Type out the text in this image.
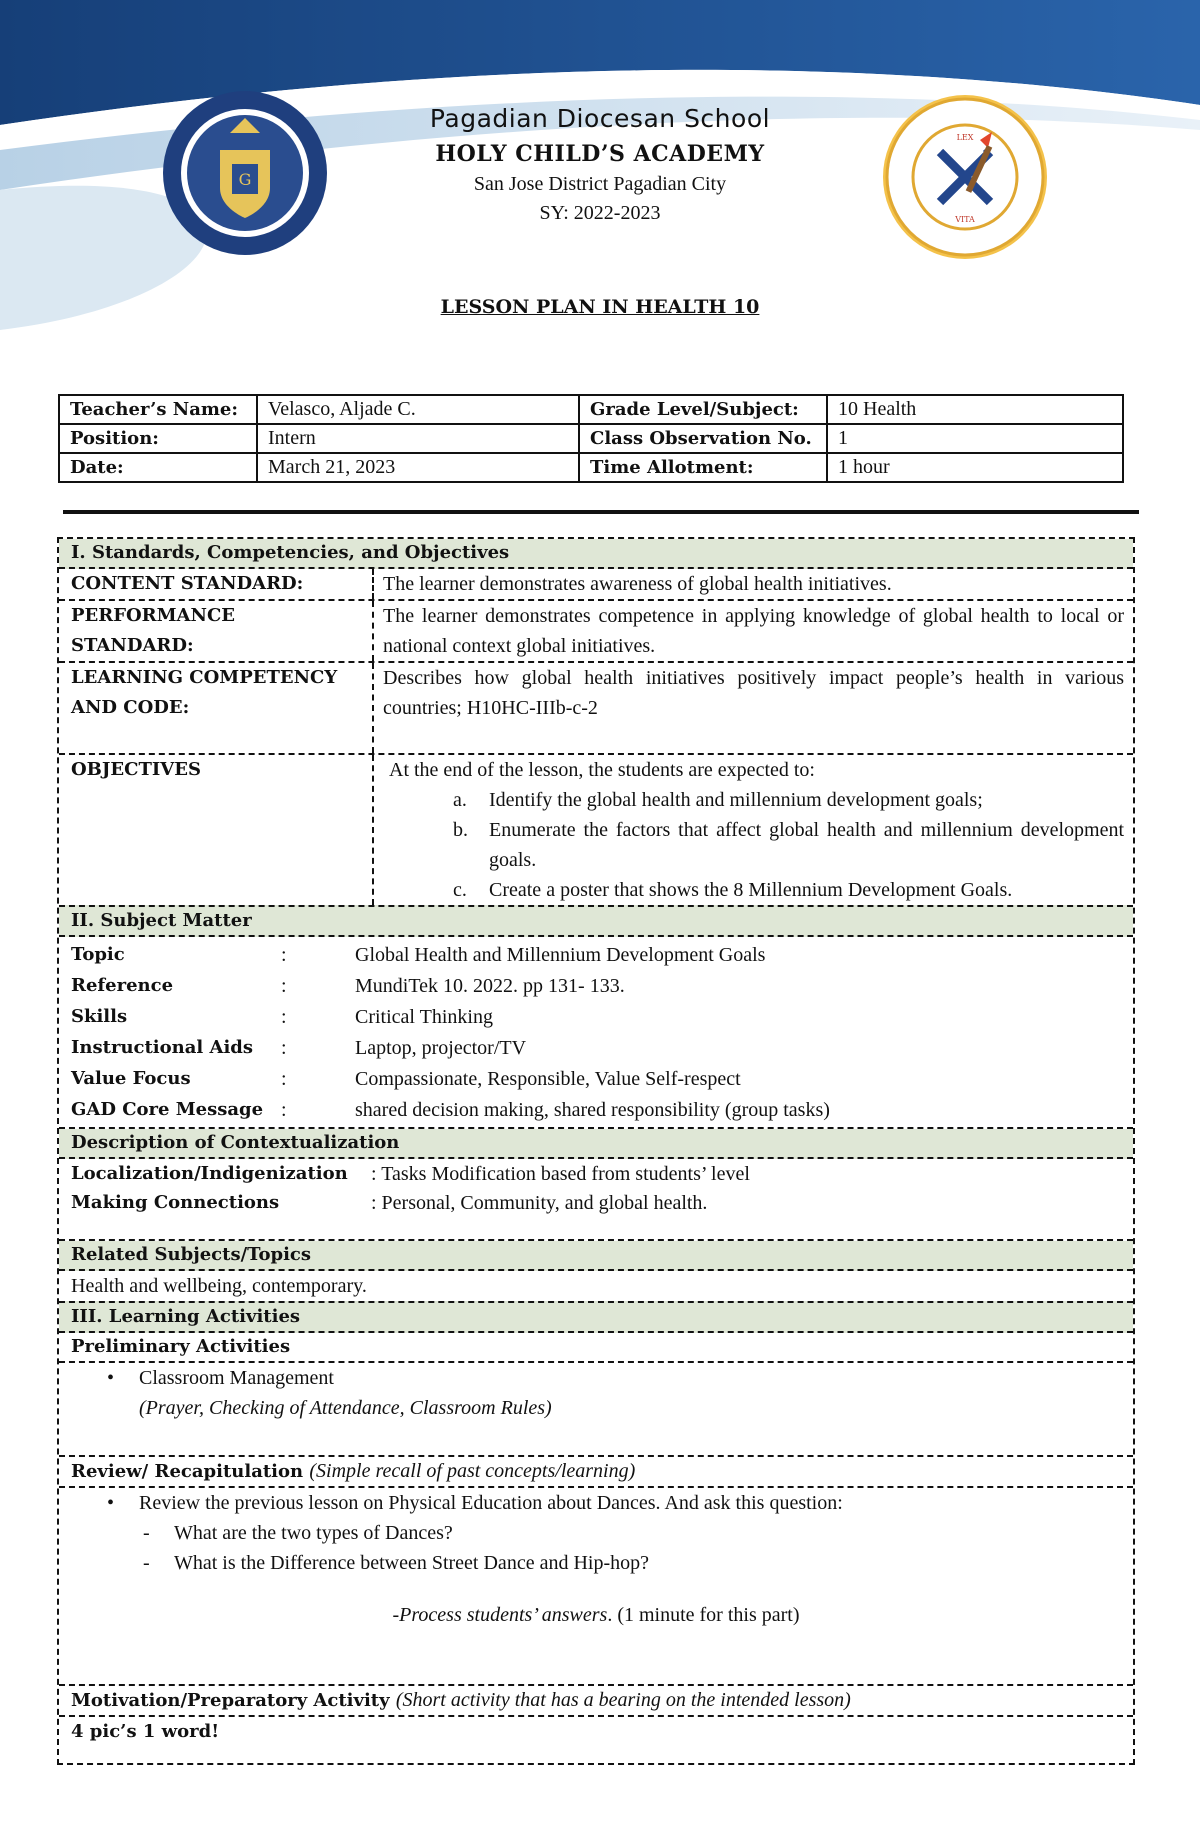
G
LEX
VITA
Pagadian Diocesan School
HOLY CHILD’S ACADEMY
San Jose District Pagadian City
SY: 2022-2023
LESSON PLAN IN HEALTH 10
Teacher’s Name:	Velasco, Aljade C.	Grade Level/Subject:	10 Health
Position:	Intern	Class Observation No.	1
Date:	March 21, 2023	Time Allotment:	1 hour
I. Standards, Competencies, and Objectives
CONTENT STANDARD:	The learner demonstrates awareness of global health initiatives.
PERFORMANCE STANDARD:
The learner demonstrates competence in applying knowledge of global health to local or national context global initiatives.
LEARNING COMPETENCY AND CODE:
Describes how global health initiatives positively impact people’s health in various countries; H10HC-IIIb-c-2
OBJECTIVES	At the end of the lesson, the students are expected to:
a. Identify the global health and millennium development goals;
b. Enumerate the factors that affect global health and millennium development goals.
c. Create a poster that shows the 8 Millennium Development Goals.
II. Subject Matter
Topic	:	Global Health and Millennium Development Goals
Reference	:	MundiTek 10. 2022. pp 131- 133.
Skills	:	Critical Thinking
Instructional Aids	:	Laptop, projector/TV
Value Focus	:	Compassionate, Responsible, Value Self-respect
GAD Core Message :	shared decision making, shared responsibility (group tasks)
Description of Contextualization
Localization/Indigenization	: Tasks Modification based from students’ level
Making Connections	: Personal, Community, and global health.
Related Subjects/Topics
Health and wellbeing, contemporary.
III. Learning Activities
Preliminary Activities
• Classroom Management
(Prayer, Checking of Attendance, Classroom Rules)
Review/ Recapitulation (Simple recall of past concepts/learning)
• Review the previous lesson on Physical Education about Dances. And ask this question:
- What are the two types of Dances?
- What is the Difference between Street Dance and Hip-hop?
-Process students’ answers. (1 minute for this part)
Motivation/Preparatory Activity (Short activity that has a bearing on the intended lesson)
4 pic’s 1 word!
